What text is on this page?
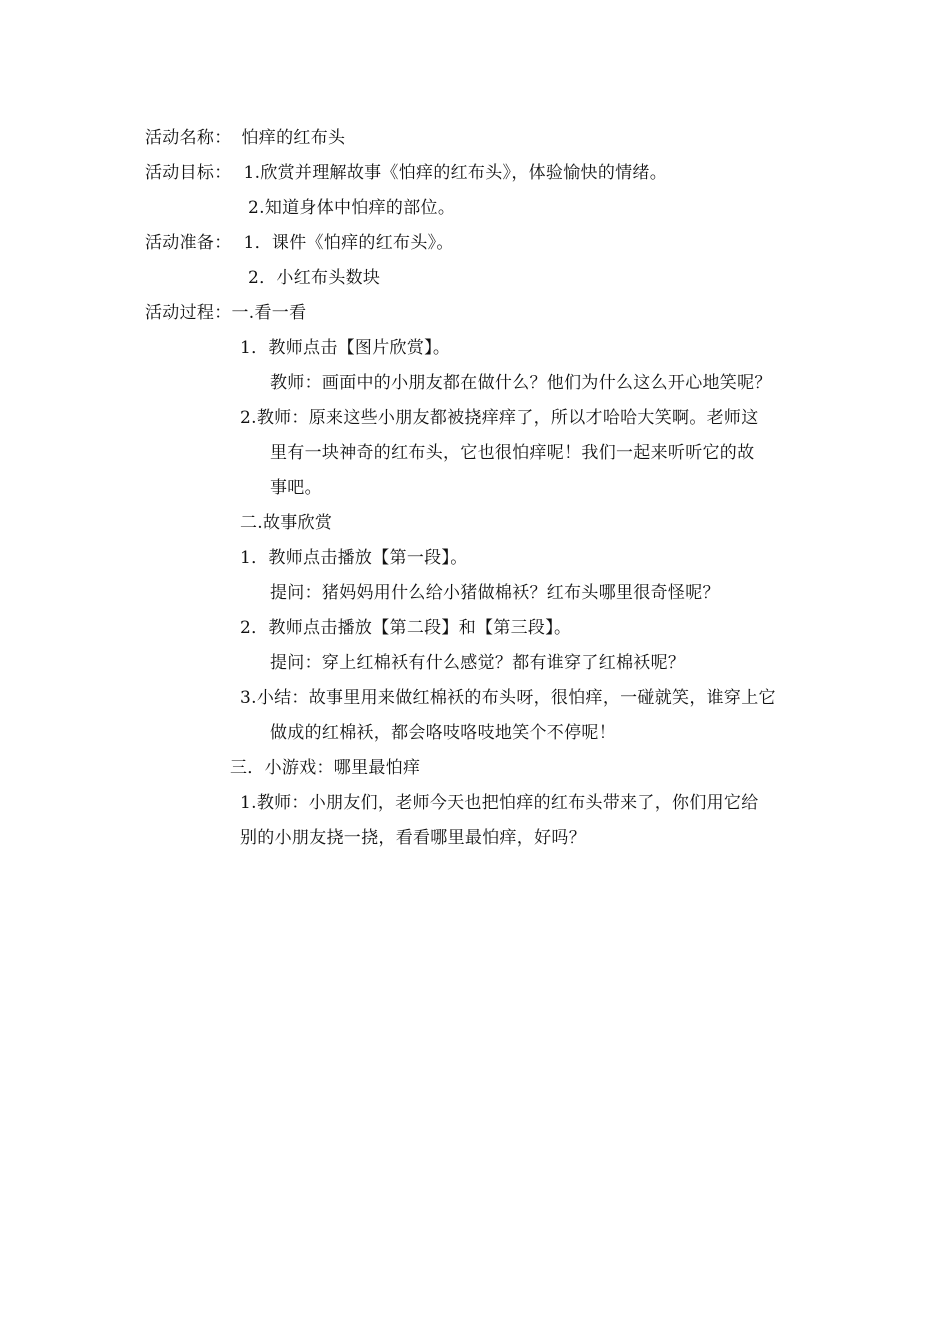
活动名称： 怕痒的红布头
活动目标： 1.欣赏并理解故事《怕痒的红布头》，体验愉快的情绪。
2.知道身体中怕痒的部位。
活动准备： 1．课件《怕痒的红布头》。
2．小红布头数块
活动过程：一.看一看
1．教师点击【图片欣赏】。
教师：画面中的小朋友都在做什么？他们为什么这么开心地笑呢？
2.教师：原来这些小朋友都被挠痒痒了，所以才哈哈大笑啊。老师这
里有一块神奇的红布头，它也很怕痒呢！我们一起来听听它的故
事吧。
二.故事欣赏
1．教师点击播放【第一段】。
提问：猪妈妈用什么给小猪做棉袄？红布头哪里很奇怪呢？
2．教师点击播放【第二段】和【第三段】。
提问：穿上红棉袄有什么感觉？都有谁穿了红棉袄呢？
3.小结：故事里用来做红棉袄的布头呀，很怕痒，一碰就笑，谁穿上它
做成的红棉袄，都会咯吱咯吱地笑个不停呢！
三．小游戏：哪里最怕痒
1.教师：小朋友们，老师今天也把怕痒的红布头带来了，你们用它给
别的小朋友挠一挠，看看哪里最怕痒，好吗？
